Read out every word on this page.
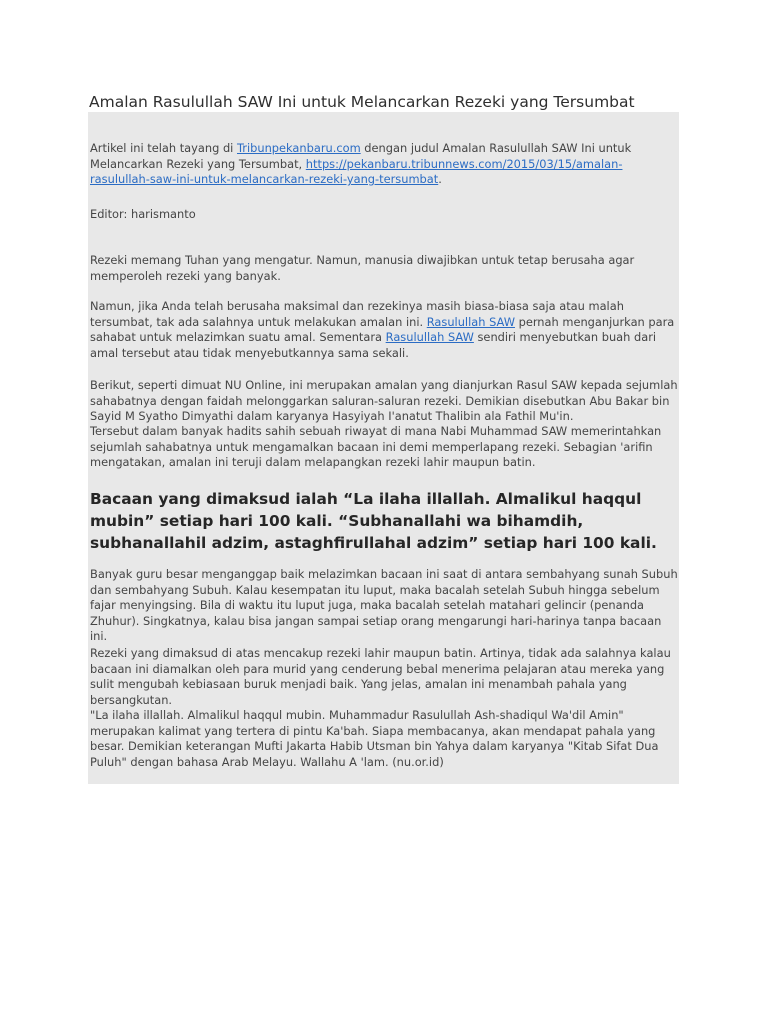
Amalan Rasulullah SAW Ini untuk Melancarkan Rezeki yang Tersumbat

Artikel ini telah tayang di Tribunpekanbaru.com dengan judul Amalan Rasulullah SAW Ini untuk Melancarkan Rezeki yang Tersumbat, https://pekanbaru.tribunnews.com/2015/03/15/amalan-rasulullah-saw-ini-untuk-melancarkan-rezeki-yang-tersumbat.

Editor: harismanto

Rezeki memang Tuhan yang mengatur. Namun, manusia diwajibkan untuk tetap berusaha agar memperoleh rezeki yang banyak.

Namun, jika Anda telah berusaha maksimal dan rezekinya masih biasa-biasa saja atau malah tersumbat, tak ada salahnya untuk melakukan amalan ini. Rasulullah SAW pernah menganjurkan para sahabat untuk melazimkan suatu amal. Sementara Rasulullah SAW sendiri menyebutkan buah dari amal tersebut atau tidak menyebutkannya sama sekali.

Berikut, seperti dimuat NU Online, ini merupakan amalan yang dianjurkan Rasul SAW kepada sejumlah sahabatnya dengan faidah melonggarkan saluran-saluran rezeki. Demikian disebutkan Abu Bakar bin Sayid M Syatho Dimyathi dalam karyanya Hasyiyah I'anatut Thalibin ala Fathil Mu'in.

Tersebut dalam banyak hadits sahih sebuah riwayat di mana Nabi Muhammad SAW memerintahkan sejumlah sahabatnya untuk mengamalkan bacaan ini demi memperlapang rezeki. Sebagian 'arifin mengatakan, amalan ini teruji dalam melapangkan rezeki lahir maupun batin.

Bacaan yang dimaksud ialah “La ilaha illallah. Almalikul haqqul mubin” setiap hari 100 kali. “Subhanallahi wa bihamdih, subhanallahil adzim, astaghfirullahal adzim” setiap hari 100 kali.

Banyak guru besar menganggap baik melazimkan bacaan ini saat di antara sembahyang sunah Subuh dan sembahyang Subuh. Kalau kesempatan itu luput, maka bacalah setelah Subuh hingga sebelum fajar menyingsing. Bila di waktu itu luput juga, maka bacalah setelah matahari gelincir (penanda Zhuhur). Singkatnya, kalau bisa jangan sampai setiap orang mengarungi hari-harinya tanpa bacaan ini.

Rezeki yang dimaksud di atas mencakup rezeki lahir maupun batin. Artinya, tidak ada salahnya kalau bacaan ini diamalkan oleh para murid yang cenderung bebal menerima pelajaran atau mereka yang sulit mengubah kebiasaan buruk menjadi baik. Yang jelas, amalan ini menambah pahala yang bersangkutan.

"La ilaha illallah. Almalikul haqqul mubin. Muhammadur Rasulullah Ash-shadiqul Wa'dil Amin" merupakan kalimat yang tertera di pintu Ka'bah. Siapa membacanya, akan mendapat pahala yang besar. Demikian keterangan Mufti Jakarta Habib Utsman bin Yahya dalam karyanya "Kitab Sifat Dua Puluh" dengan bahasa Arab Melayu. Wallahu A 'lam. (nu.or.id)
